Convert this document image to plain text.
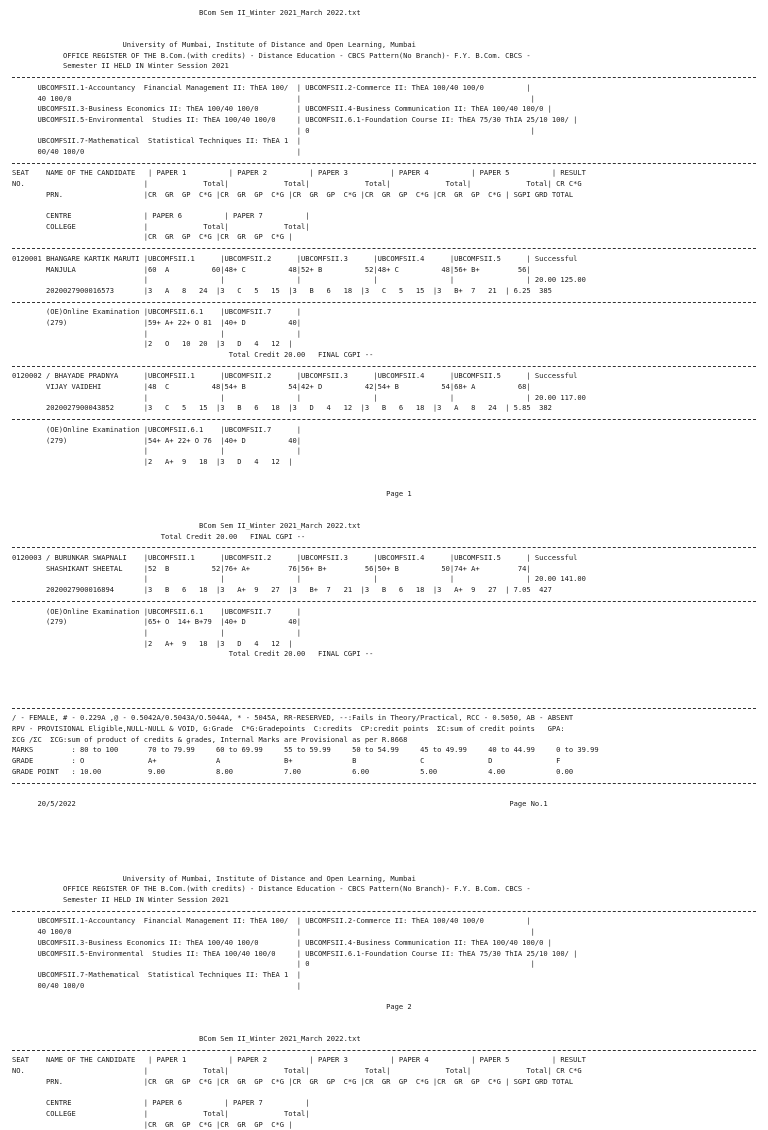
BCom Sem II_Winter 2021_March 2022.txt
University of Mumbai, Institute of Distance and Open Learning, Mumbai
OFFICE REGISTER OF THE B.Com.(with credits) - Distance Education - CBCS Pattern(No Branch)- F.Y. B.Com. CBCS -
Semester II HELD IN Winter Session 2021
UBCOMFSII.1-Accountancy  Financial Management II: ThEA 100/  | UBCOMFSII.2-Commerce II: ThEA 100/40 100/0          |
40 100/0                                                     |                                                      |
UBCOMFSII.3-Business Economics II: ThEA 100/40 100/0         | UBCOMFSII.4-Business Communication II: ThEA 100/40 100/0 |
UBCOMFSII.5-Environmental  Studies II: ThEA 100/40 100/0     | UBCOMFSII.6.1-Foundation Course II: ThEA 75/30 ThIA 25/10 100/ |
| 0                                                    |
UBCOMFSII.7-Mathematical  Statistical Techniques II: ThEA 1  |
00/40 100/0                                                  |
SEAT    NAME OF THE CANDIDATE   | PAPER 1          | PAPER 2          | PAPER 3          | PAPER 4          | PAPER 5          | RESULT
NO.                            |             Total|             Total|             Total|             Total|             Total| CR C*G
PRN.                   |CR  GR  GP  C*G |CR  GR  GP  C*G |CR  GR  GP  C*G |CR  GR  GP  C*G |CR  GR  GP  C*G | SGPI GRD TOTAL
CENTRE                 | PAPER 6          | PAPER 7          |
COLLEGE                |             Total|             Total|
|CR  GR  GP  C*G |CR  GR  GP  C*G |
0120001 BHANGARE KARTIK MARUTI |UBCOMFSII.1      |UBCOMFSII.2      |UBCOMFSII.3      |UBCOMFSII.4      |UBCOMFSII.5      | Successful
MANJULA                |60  A          60|48+ C          48|52+ B          52|48+ C          48|56+ B+         56|
|                 |                 |                 |                 |                 | 20.00 125.00
2020027900016573       |3   A   8   24  |3   C   5   15  |3   B   6   18  |3   C   5   15  |3   B+  7   21  | 6.25  385
(OE)Online Examination |UBCOMFSII.6.1    |UBCOMFSII.7      |
(279)                  |59+ A+ 22+ O 81  |40+ D          40|
|                 |                 |
|2   O   10  20  |3   D   4   12  |
Total Credit 20.00   FINAL CGPI --
0120002 / BHAYADE PRADNYA      |UBCOMFSII.1      |UBCOMFSII.2      |UBCOMFSII.3      |UBCOMFSII.4      |UBCOMFSII.5      | Successful
VIJAY VAIDEHI          |48  C          48|54+ B          54|42+ D          42|54+ B          54|68+ A          68|
|                 |                 |                 |                 |                 | 20.00 117.00
2020027900043852       |3   C   5   15  |3   B   6   18  |3   D   4   12  |3   B   6   18  |3   A   8   24  | 5.85  382
(OE)Online Examination |UBCOMFSII.6.1    |UBCOMFSII.7      |
(279)                  |54+ A+ 22+ O 76  |40+ D          40|
|                 |                 |
|2   A+  9   18  |3   D   4   12  |
Page 1
BCom Sem II_Winter 2021_March 2022.txt
Total Credit 20.00   FINAL CGPI --
0120003 / BURUNKAR SWAPNALI    |UBCOMFSII.1      |UBCOMFSII.2      |UBCOMFSII.3      |UBCOMFSII.4      |UBCOMFSII.5      | Successful
SHASHIKANT SHEETAL     |52  B          52|76+ A+         76|56+ B+         56|50+ B          50|74+ A+         74|
|                 |                 |                 |                 |                 | 20.00 141.00
2020027900016894       |3   B   6   18  |3   A+  9   27  |3   B+  7   21  |3   B   6   18  |3   A+  9   27  | 7.05  427
(OE)Online Examination |UBCOMFSII.6.1    |UBCOMFSII.7      |
(279)                  |65+ O  14+ B+79  |40+ D          40|
|                 |                 |
|2   A+  9   18  |3   D   4   12  |
Total Credit 20.00   FINAL CGPI --
/ - FEMALE, # - 0.229A ,@ - 0.5042A/0.5043A/O.5044A, * - 5045A, RR-RESERVED, --:Fails in Theory/Practical, RCC - 0.5050, AB - ABSENT
RPV - PROVISIONAL Eligible,NULL-NULL & VOID, G:Grade  C*G:Gradepoints  C:credits  CP:credit points  ƩC:sum of credit points   GPA:
ƩCG /ƩC  ƩCG:sum of product of credits & grades, Internal Marks are Provisional as per R.8668
MARKS         : 80 to 100       70 to 79.99     60 to 69.99     55 to 59.99     50 to 54.99     45 to 49.99     40 to 44.99     0 to 39.99
GRADE         : O               A+              A               B+              B               C               D               F
GRADE POINT   : 10.00           9.00            8.00            7.00            6.00            5.00            4.00            0.00
20/5/2022                                                                                                      Page No.1
University of Mumbai, Institute of Distance and Open Learning, Mumbai
OFFICE REGISTER OF THE B.Com.(with credits) - Distance Education - CBCS Pattern(No Branch)- F.Y. B.Com. CBCS -
Semester II HELD IN Winter Session 2021
UBCOMFSII.1-Accountancy  Financial Management II: ThEA 100/  | UBCOMFSII.2-Commerce II: ThEA 100/40 100/0          |
40 100/0                                                     |                                                      |
UBCOMFSII.3-Business Economics II: ThEA 100/40 100/0         | UBCOMFSII.4-Business Communication II: ThEA 100/40 100/0 |
UBCOMFSII.5-Environmental  Studies II: ThEA 100/40 100/0     | UBCOMFSII.6.1-Foundation Course II: ThEA 75/30 ThIA 25/10 100/ |
| 0                                                    |
UBCOMFSII.7-Mathematical  Statistical Techniques II: ThEA 1  |
00/40 100/0                                                  |
Page 2
BCom Sem II_Winter 2021_March 2022.txt
SEAT    NAME OF THE CANDIDATE   | PAPER 1          | PAPER 2          | PAPER 3          | PAPER 4          | PAPER 5          | RESULT
NO.                            |             Total|             Total|             Total|             Total|             Total| CR C*G
PRN.                   |CR  GR  GP  C*G |CR  GR  GP  C*G |CR  GR  GP  C*G |CR  GR  GP  C*G |CR  GR  GP  C*G | SGPI GRD TOTAL
CENTRE                 | PAPER 6          | PAPER 7          |
COLLEGE                |             Total|             Total|
|CR  GR  GP  C*G |CR  GR  GP  C*G |
